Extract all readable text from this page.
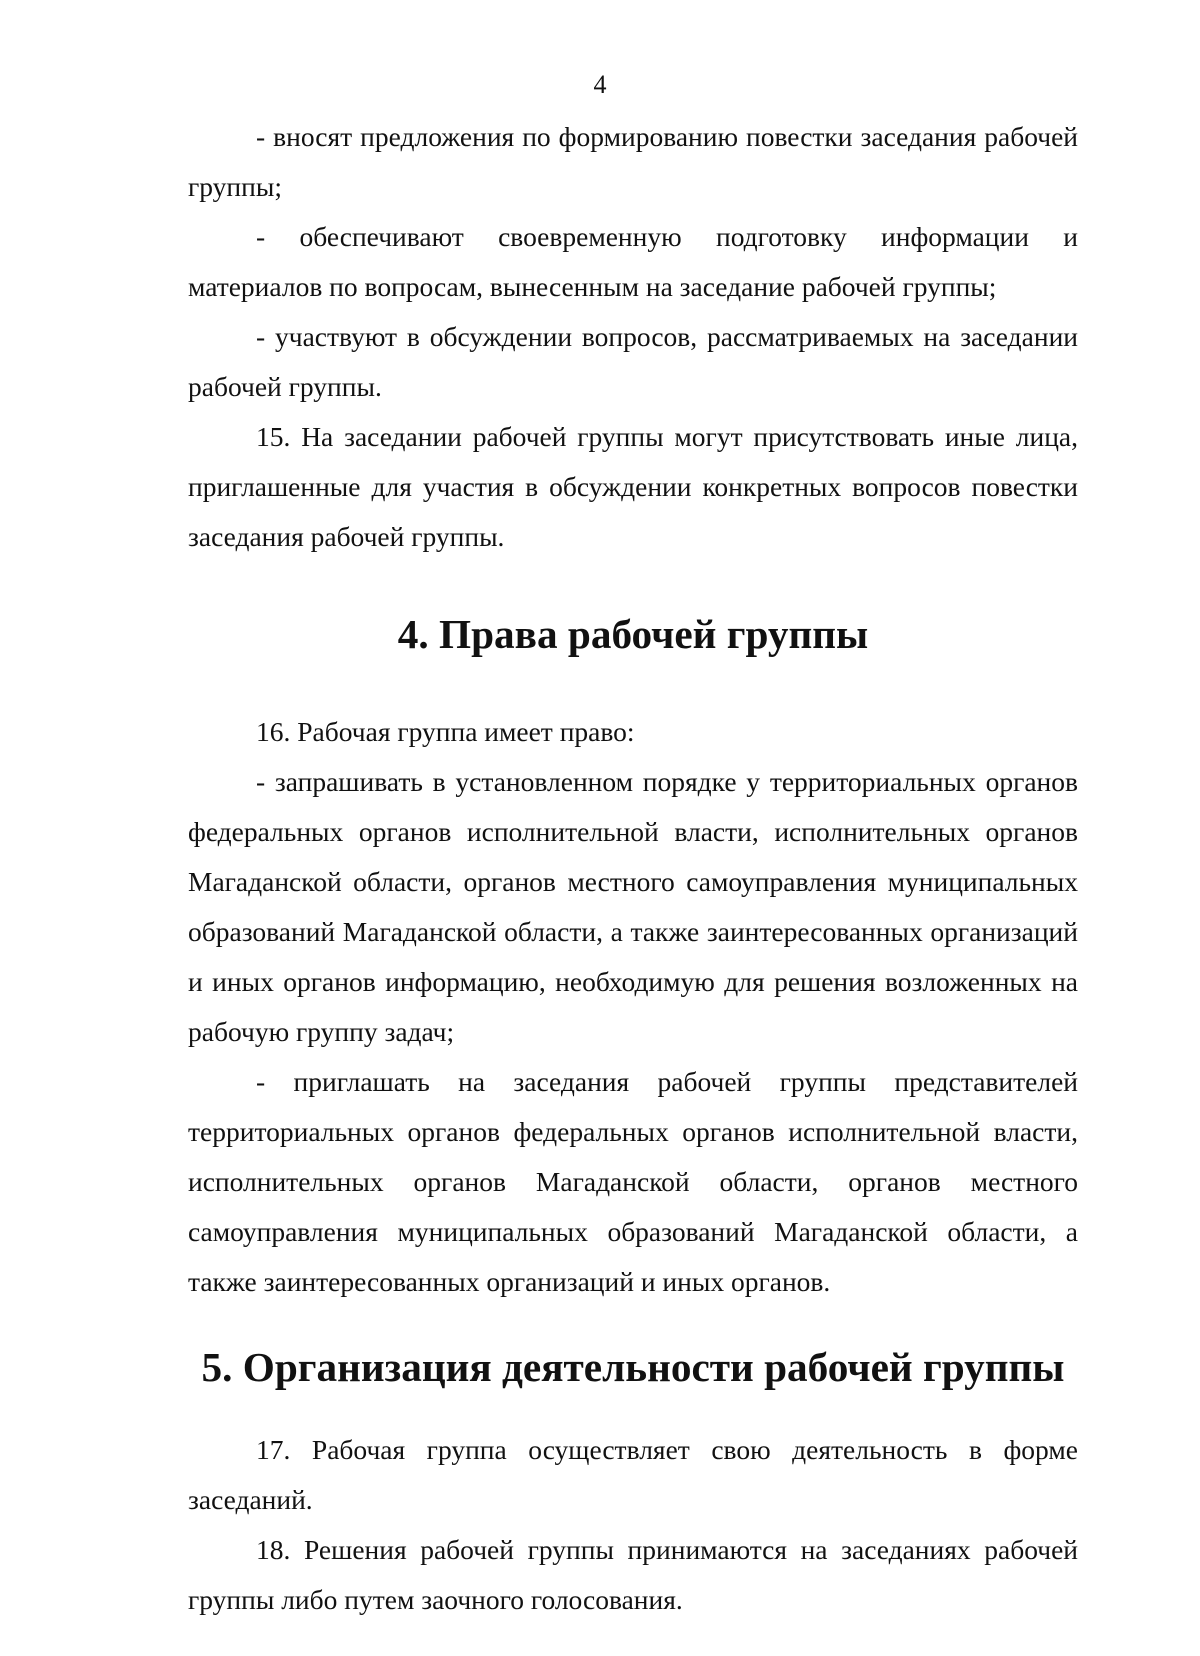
4

- вносят предложения по формированию повестки заседания рабочей группы;

- обеспечивают своевременную подготовку информации и материалов по вопросам, вынесенным на заседание рабочей группы;

- участвуют в обсуждении вопросов, рассматриваемых на заседании рабочей группы.

15. На заседании рабочей группы могут присутствовать иные лица, приглашенные для участия в обсуждении конкретных вопросов повестки заседания рабочей группы.

4. Права рабочей группы

16. Рабочая группа имеет право:

- запрашивать в установленном порядке у территориальных органов федеральных органов исполнительной власти, исполнительных органов Магаданской области, органов местного самоуправления муниципальных образований Магаданской области, а также заинтересованных организаций и иных органов информацию, необходимую для решения возложенных на рабочую группу задач;

- приглашать на заседания рабочей группы представителей территориальных органов федеральных органов исполнительной власти, исполнительных органов Магаданской области, органов местного самоуправления муниципальных образований Магаданской области, а также заинтересованных организаций и иных органов.

5. Организация деятельности рабочей группы

17. Рабочая группа осуществляет свою деятельность в форме заседаний.

18. Решения рабочей группы принимаются на заседаниях рабочей группы либо путем заочного голосования.
